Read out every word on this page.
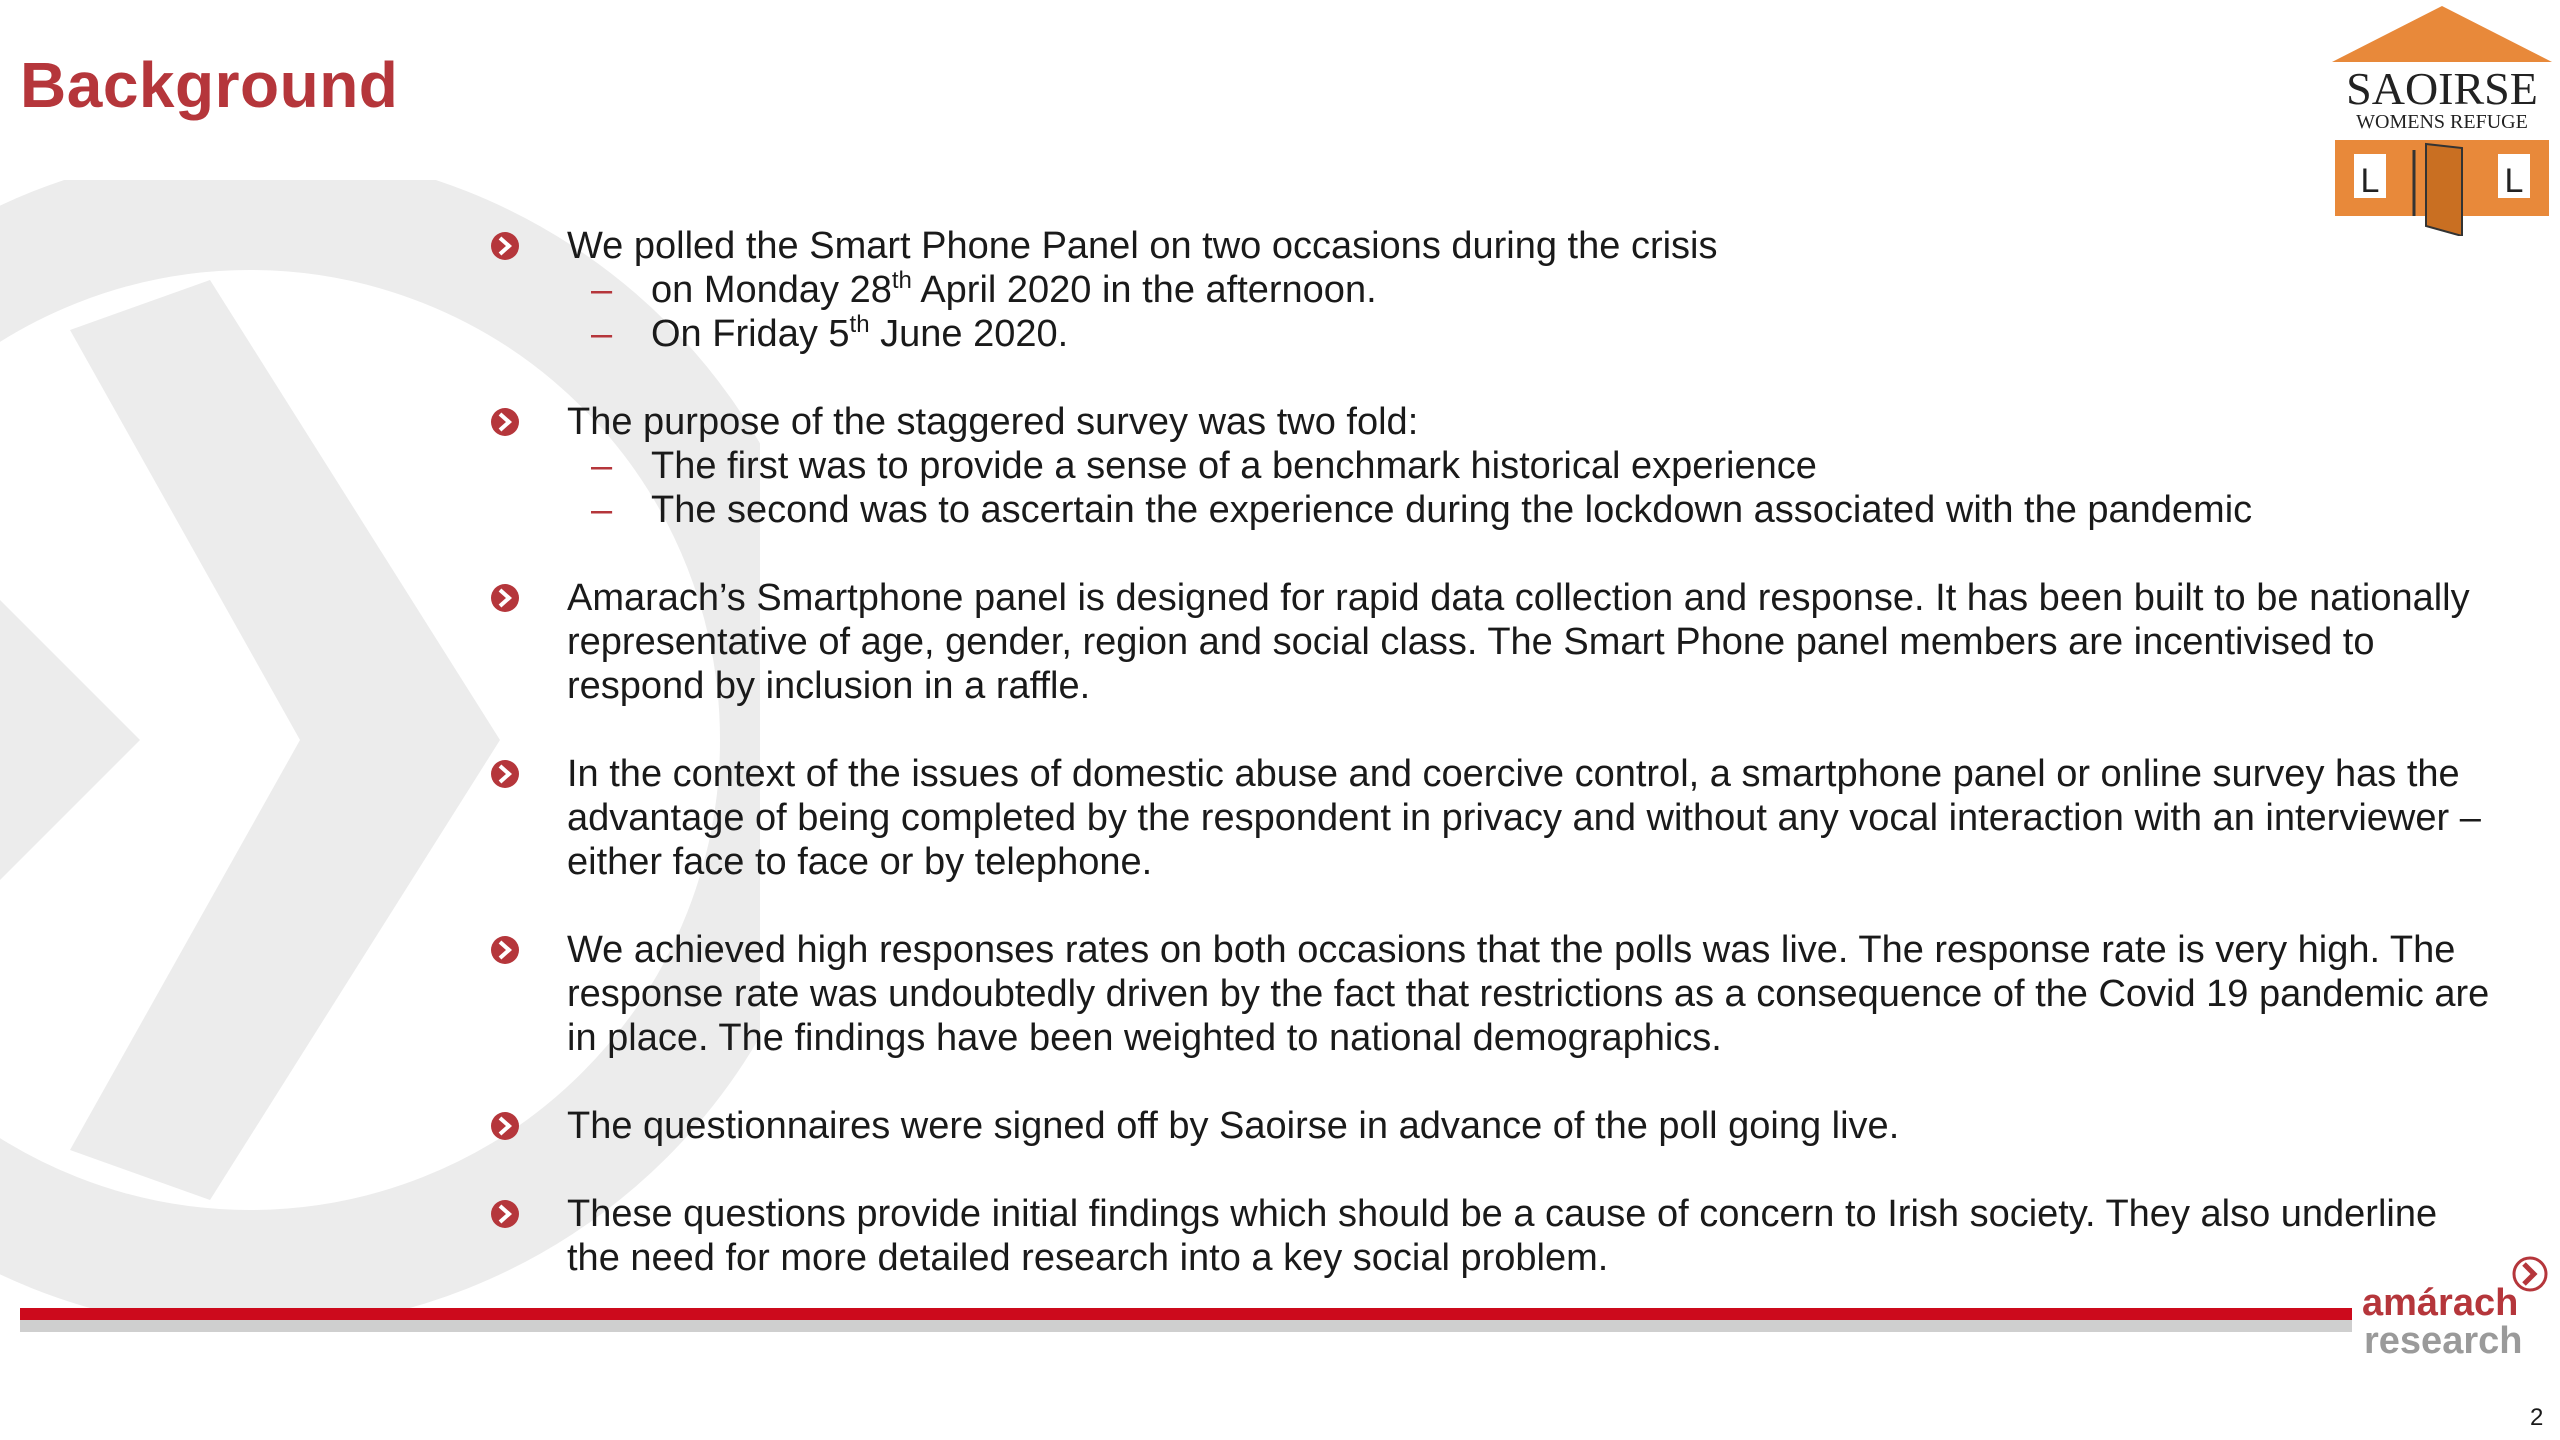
Background	SAOIRSE
WOMENS REFUGE
L	L

We polled the Smart Phone Panel on two occasions during the crisis

– on Monday 28th April 2020 in the afternoon.
– On Friday 5th June 2020.

The purpose of the staggered survey was two fold:

– The first was to provide a sense of a benchmark historical experience
– The second was to ascertain the experience during the lockdown associated with the pandemic

Amarach’s Smartphone panel is designed for rapid data collection and response. It has been built to be nationally representative of age, gender, region and social class. The Smart Phone panel members are incentivised to respond by inclusion in a raffle.

In the context of the issues of domestic abuse and coercive control, a smartphone panel or online survey has the advantage of being completed by the respondent in privacy and without any vocal interaction with an interviewer – either face to face or by telephone.

We achieved high responses rates on both occasions that the polls was live. The response rate is very high. The response rate was undoubtedly driven by the fact that restrictions as a consequence of the Covid 19 pandemic are in place. The findings have been weighted to national demographics.

The questionnaires were signed off by Saoirse in advance of the poll going live.

These questions provide initial findings which should be a cause of concern to Irish society. They also underline the need for more detailed research into a key social problem.

amárach
research
2
